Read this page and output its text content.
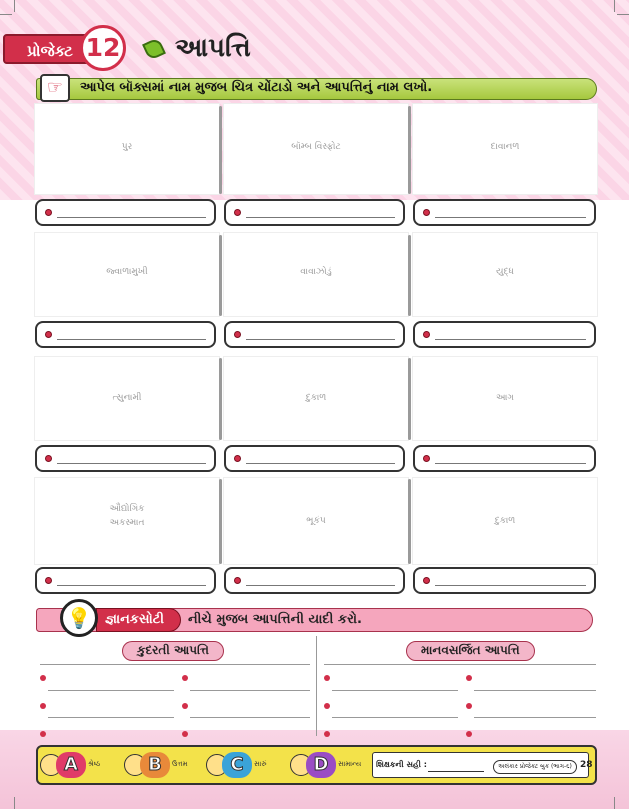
પ્રોજેક્ટ 12 આપત્તિ
☞	આપેલ બૉક્સમાં નામ મુજબ ચિત્ર ચોંટાડો અને આપત્તિનું નામ લખો.
પુર	બૉમ્બ વિસ્ફોટ	દાવાનળ
જ્વાળામુખી	વાવાઝોડું	યુદ્ધ
ત્સુનામી	દુકાળ	આગ
ઔદ્યોગિક
અકસ્માત	ભૂકંપ	દુકાળ
જ્ઞાનકસોટી
💡	નીચે મુજબ આપત્તિની યાદી કરો.
કુદરતી આપત્તિ	માનવસર્જિત આપત્તિ
A	શ્રેષ્ઠ	B	ઉત્તમ	C	સારું	D	સામાન્ય શિક્ષકની સહી :	અલંકાર પ્રોજેક્ટ બુક (ભાગ-૬) 28
